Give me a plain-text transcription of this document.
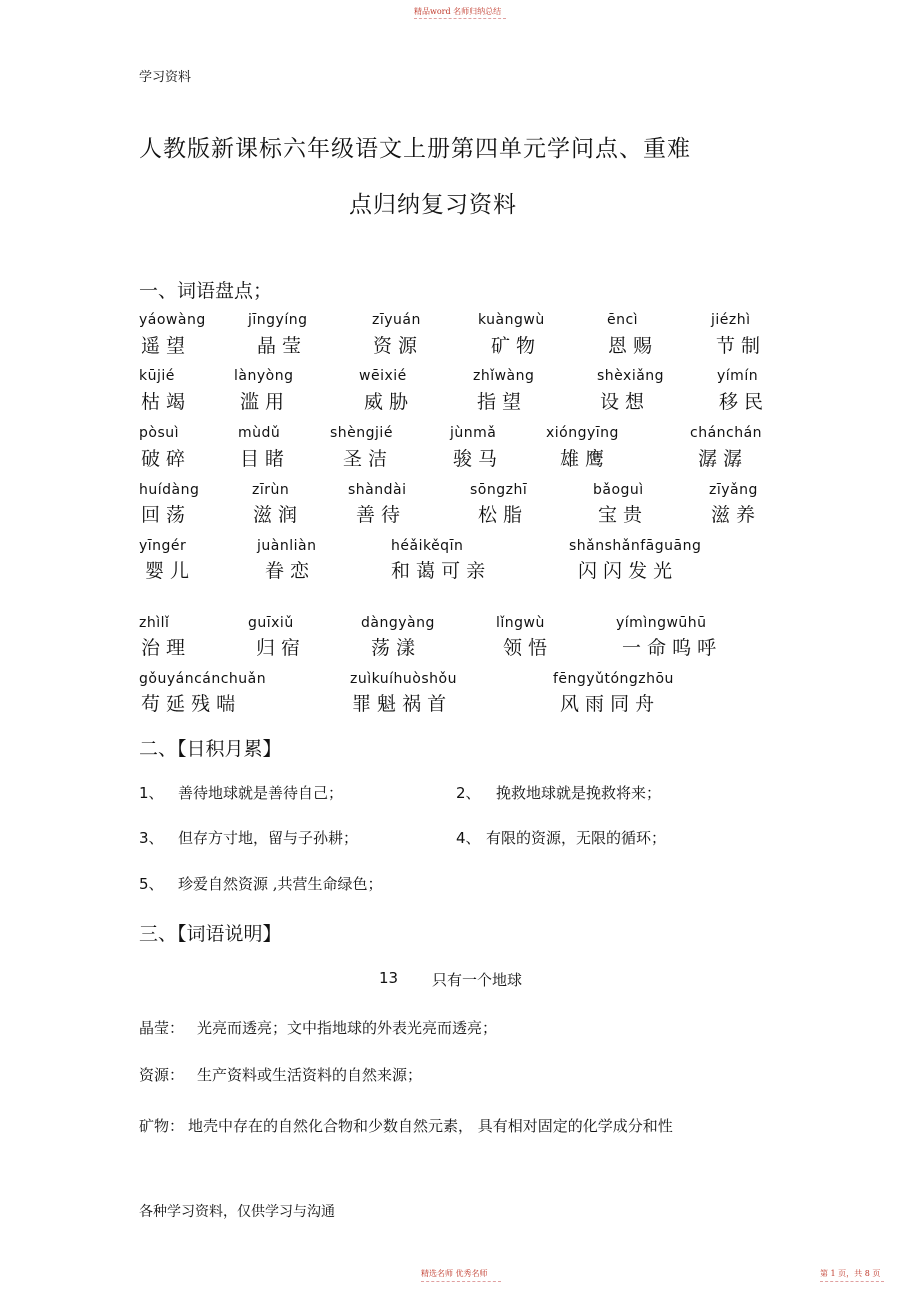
精品word 名师归纳总结
学习资料
人教版新课标六年级语文上册第四单元学问点、重难
点归纳复习资料
一、词语盘点；
yáowàng	jīngyíng	zīyuán	kuàngwù	ēncì	jiézhì
遥 望	晶 莹	资 源	矿 物	恩 赐	节 制
kūjié	lànyòng	wēixié	zhǐwàng	shèxiǎng	yímín
枯 竭	滥 用	威 胁	指 望	设 想	移 民
pòsuì	mùdǔ	shèngjié	jùnmǎ	xióngyīng	chánchán
破 碎	目 睹	圣 洁	骏 马	雄 鹰	潺 潺
huídàng	zīrùn	shàndài	sōngzhī	bǎoguì	zīyǎng
回 荡	滋 润	善 待	松 脂	宝 贵	滋 养
yīngér	juànliàn	héǎikěqīn	shǎnshǎnfāguāng
婴 儿	眷 恋	和 蔼 可 亲	闪 闪 发 光
zhìlǐ	guīxiǔ	dàngyàng	lǐngwù	yímìngwūhū
治 理	归 宿	荡 漾	领 悟	一 命 呜 呼
gǒuyáncánchuǎn	zuìkuíhuòshǒu	fēngyǔtóngzhōu
苟 延 残 喘	罪 魁 祸 首	风 雨 同 舟
二、【日积月累】
1、 善待地球就是善待自己；	2、 挽救地球就是挽救将来；
3、 但存方寸地，留与子孙耕；	4、 有限的资源，无限的循环；
5、 珍爱自然资源 ,共营生命绿色；
三、【词语说明】
13 只有一个地球
晶莹： 光亮而透亮；文中指地球的外表光亮而透亮；
资源： 生产资料或生活资料的自然来源；
矿物： 地壳中存在的自然化合物和少数自然元素， 具有相对固定的化学成分和性
各种学习资料，仅供学习与沟通
精选名师 优秀名师	第 1 页，共 8 页
